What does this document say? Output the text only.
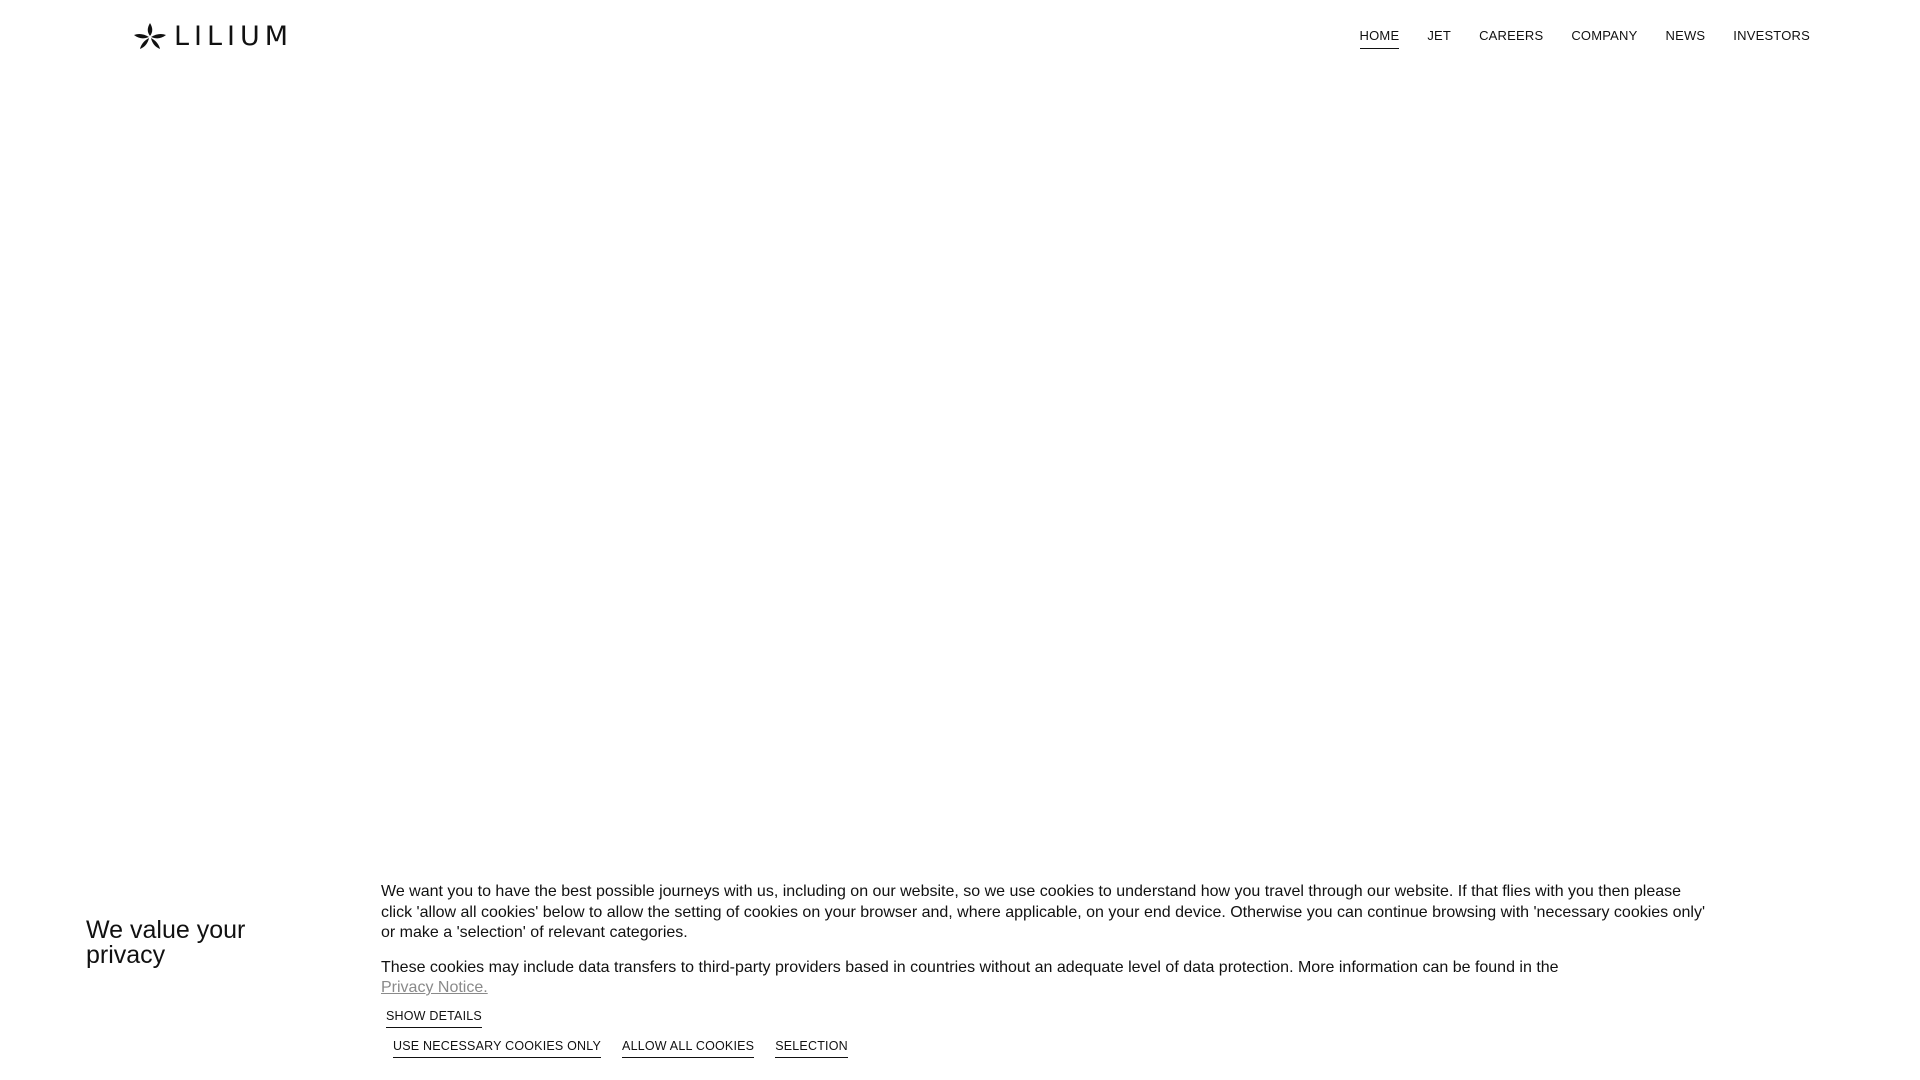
LILIUM	HOME JET CAREERS COMPANY NEWS INVESTORS
We value your privacy

We want you to have the best possible journeys with us, including on our website, so we use cookies to understand how you travel through our website. If that flies with you then please click 'allow all cookies' below to allow the setting of cookies on your browser and, where applicable, on your end device. Otherwise you can continue browsing with 'necessary cookies only' or make a 'selection' of relevant categories.

These cookies may include data transfers to third-party providers based in countries without an adequate level of data protection. More information can be found in the
Privacy Notice.

SHOW DETAILS
USE NECESSARY COOKIES ONLY ALLOW ALL COOKIES SELECTION
